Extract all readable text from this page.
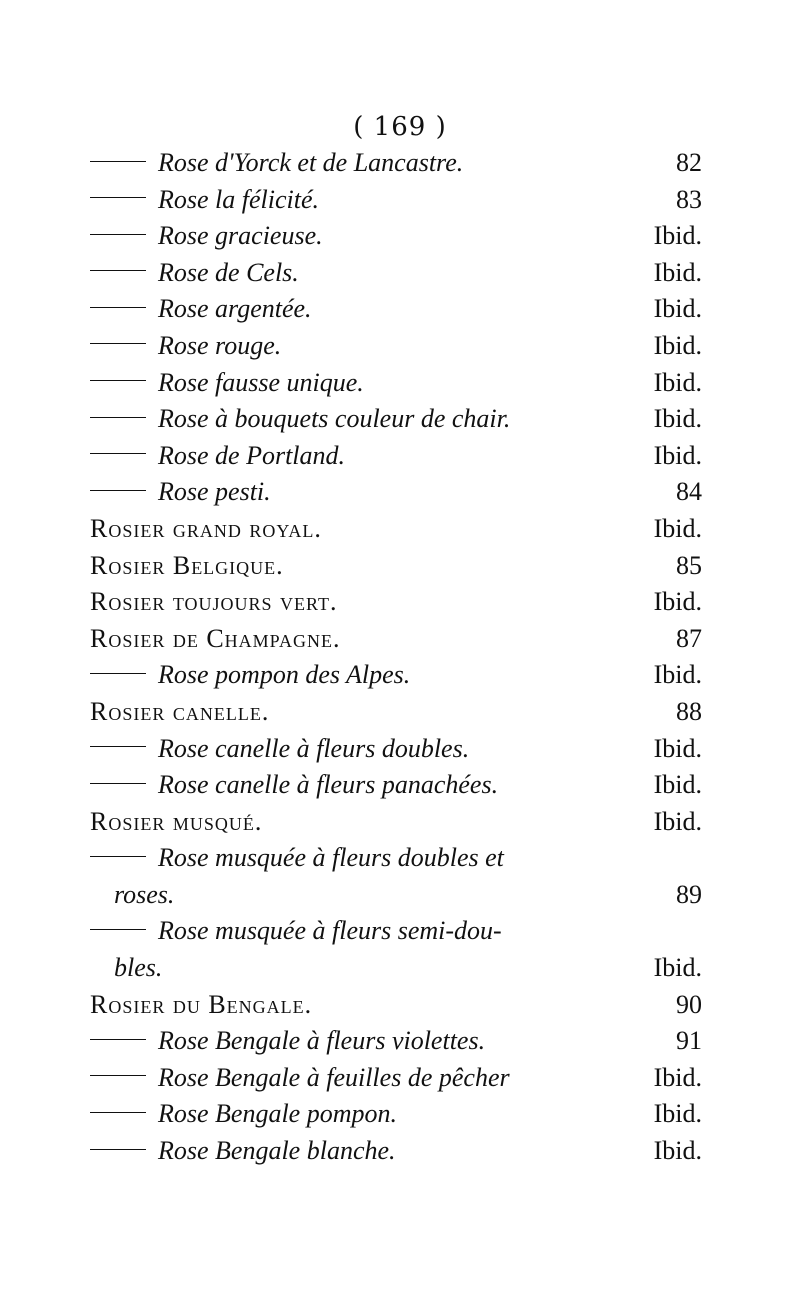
( 169 )
Rose d'Yorck et de Lancastre.	82
Rose la félicité.	83
Rose gracieuse.	Ibid.
Rose de Cels.	Ibid.
Rose argentée.	Ibid.
Rose rouge.	Ibid.
Rose fausse unique.	Ibid.
Rose à bouquets couleur de chair.	Ibid.
Rose de Portland.	Ibid.
Rose pesti.	84
Rosier grand royal.	Ibid.
Rosier Belgique.	85
Rosier toujours vert.	Ibid.
Rosier de Champagne.	87
Rose pompon des Alpes.	Ibid.
Rosier canelle.	88
Rose canelle à fleurs doubles.	Ibid.
Rose canelle à fleurs panachées.	Ibid.
Rosier musqué.	Ibid.
Rose musquée à fleurs doubles et
roses.	89
Rose musquée à fleurs semi-dou-
bles.	Ibid.
Rosier du Bengale.	90
Rose Bengale à fleurs violettes.	91
Rose Bengale à feuilles de pêcher	Ibid.
Rose Bengale pompon.	Ibid.
Rose Bengale blanche.	Ibid.
